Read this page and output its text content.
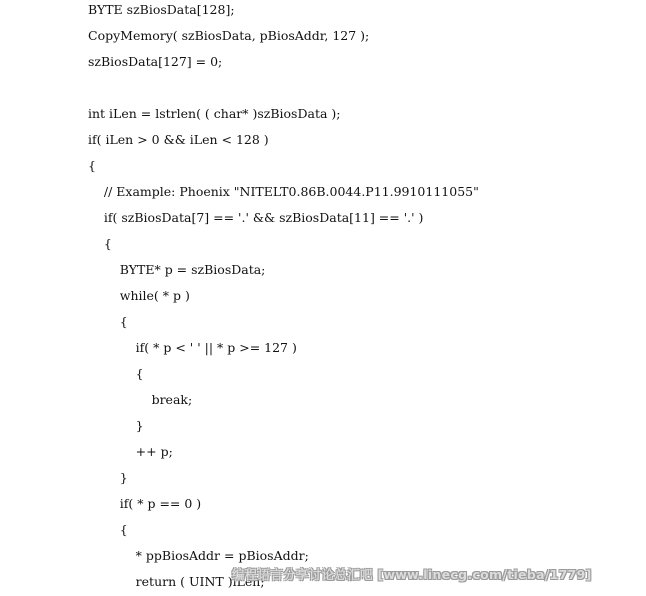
BYTE szBiosData[128];
CopyMemory( szBiosData, pBiosAddr, 127 );
szBiosData[127] = 0;
int iLen = lstrlen( ( char* )szBiosData );
if( iLen > 0 && iLen < 128 )
{
// Example: Phoenix "NITELT0.86B.0044.P11.9910111055"
if( szBiosData[7] == '.' && szBiosData[11] == '.' )
{
BYTE* p = szBiosData;
while( * p )
{
if( * p < ' ' || * p >= 127 )
{
break;
}
++ p;
}
if( * p == 0 )
{
* ppBiosAddr = pBiosAddr;
return ( UINT )iLen;
编程语言分享讨论总汇吧 [www.linecg.com/tieba/1779]
